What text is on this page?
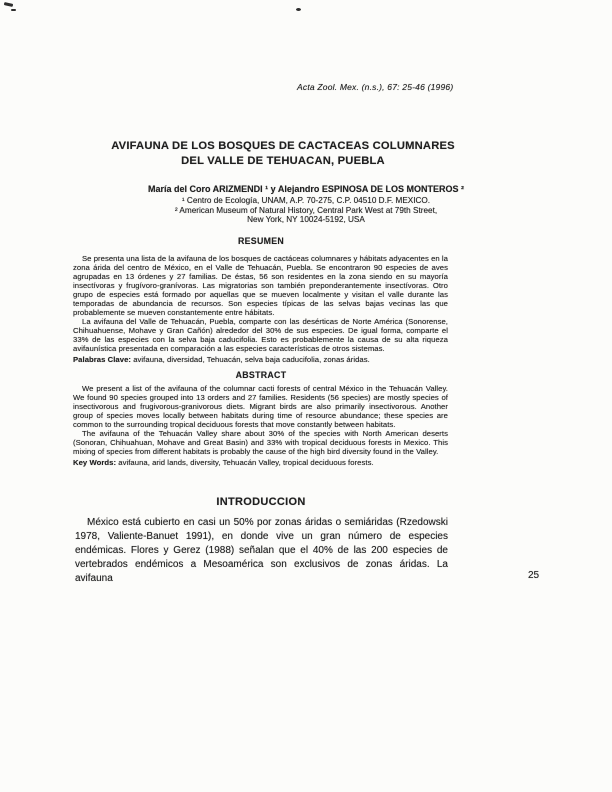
Acta Zool. Mex. (n.s.), 67: 25-46 (1996)
AVIFAUNA DE LOS BOSQUES DE CACTACEAS COLUMNARES
DEL VALLE DE TEHUACAN, PUEBLA
María del Coro ARIZMENDI ¹ y Alejandro ESPINOSA DE LOS MONTEROS ²
¹ Centro de Ecología, UNAM, A.P. 70-275, C.P. 04510 D.F. MEXICO.
² American Museum of Natural History, Central Park West at 79th Street,
New York, NY 10024-5192, USA
RESUMEN

Se presenta una lista de la avifauna de los bosques de cactáceas columnares y hábitats adyacentes en la zona árida del centro de México, en el Valle de Tehuacán, Puebla. Se encontraron 90 especies de aves agrupadas en 13 órdenes y 27 familias. De éstas, 56 son residentes en la zona siendo en su mayoría insectívoras y frugívoro-granívoras. Las migratorias son también preponderantemente insectívoras. Otro grupo de especies está formado por aquellas que se mueven localmente y visitan el valle durante las temporadas de abundancia de recursos. Son especies típicas de las selvas bajas vecinas las que probablemente se mueven constantemente entre hábitats.

La avifauna del Valle de Tehuacán, Puebla, comparte con las desérticas de Norte América (Sonorense, Chihuahuense, Mohave y Gran Cañón) alrededor del 30% de sus especies. De igual forma, comparte el 33% de las especies con la selva baja caducifolia. Esto es probablemente la causa de su alta riqueza avifaunística presentada en comparación a las especies características de otros sistemas.

Palabras Clave: avifauna, diversidad, Tehuacán, selva baja caducifolia, zonas áridas.

ABSTRACT

We present a list of the avifauna of the columnar cacti forests of central México in the Tehuacán Valley. We found 90 species grouped into 13 orders and 27 families. Residents (56 species) are mostly species of insectivorous and frugivorous-granivorous diets. Migrant birds are also primarily insectivorous. Another group of species moves locally between habitats during time of resource abundance; these species are common to the surrounding tropical deciduous forests that move constantly between habitats.

The avifauna of the Tehuacán Valley share about 30% of the species with North American deserts (Sonoran, Chihuahuan, Mohave and Great Basin) and 33% with tropical deciduous forests in Mexico. This mixing of species from different habitats is probably the cause of the high bird diversity found in the Valley.

Key Words: avifauna, arid lands, diversity, Tehuacán Valley, tropical deciduous forests.

INTRODUCCION

México está cubierto en casi un 50% por zonas áridas o semiáridas (Rzedowski 1978, Valiente-Banuet 1991), en donde vive un gran número de especies endémicas. Flores y Gerez (1988) señalan que el 40% de las 200 especies de vertebrados endémicos a Mesoamérica son exclusivos de zonas áridas. La avifauna	25
